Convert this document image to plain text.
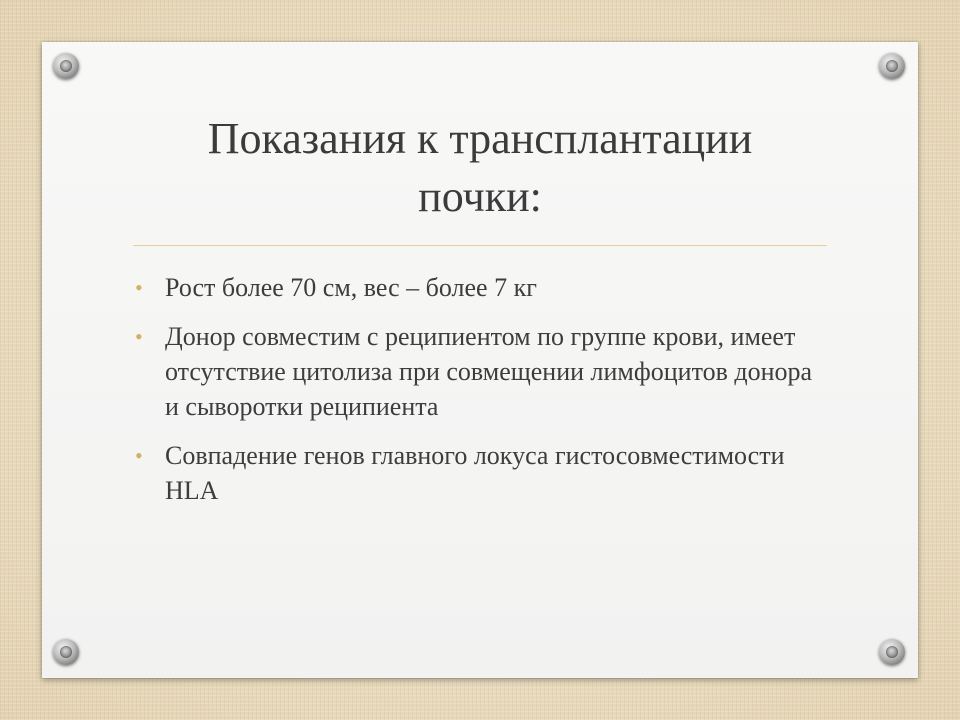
Показания к трансплантации
почки:
• Рост более 70 см, вес – более 7 кг
• Донор совместим с реципиентом по группе крови, имеет отсутствие цитолиза при совмещении лимфоцитов донора и сыворотки реципиента
• Совпадение генов главного локуса гистосовместимости HLA
